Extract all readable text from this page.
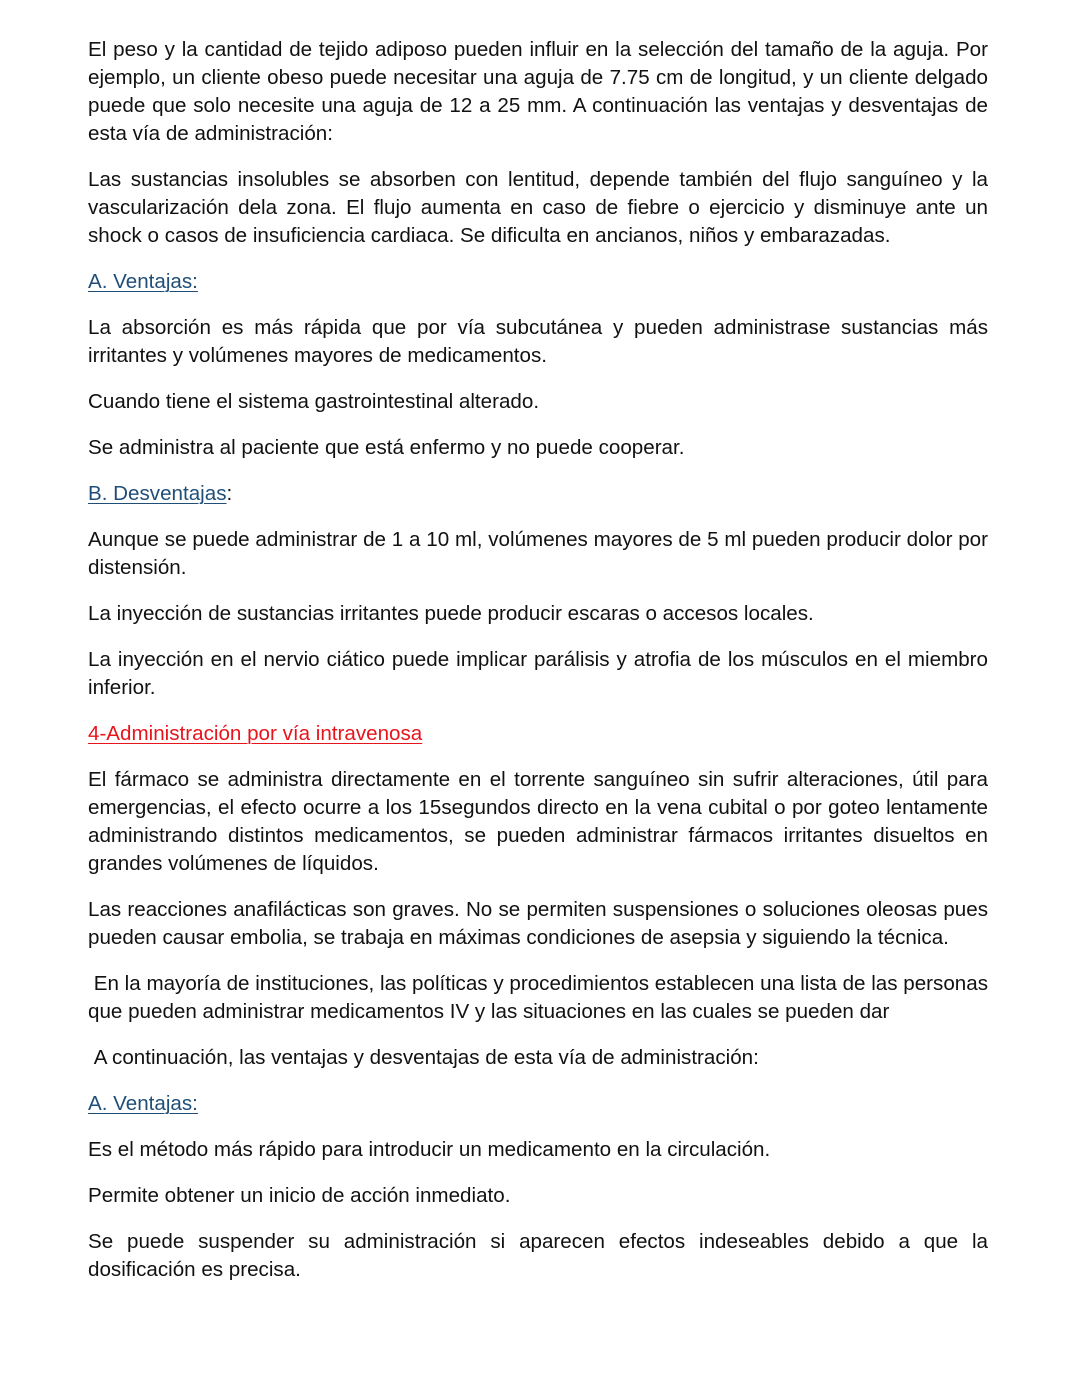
El peso y la cantidad de tejido adiposo pueden influir en la selección del tamaño de la aguja. Por ejemplo, un cliente obeso puede necesitar una aguja de 7.75 cm de longitud, y un cliente delgado puede que solo necesite una aguja de 12 a 25 mm. A continuación las ventajas y desventajas de esta vía de administración:

Las sustancias insolubles se absorben con lentitud, depende también del flujo sanguíneo y la vascularización dela zona. El flujo aumenta en caso de fiebre o ejercicio y disminuye ante un shock o casos de insuficiencia cardiaca. Se dificulta en ancianos, niños y embarazadas.

A. Ventajas:

La absorción es más rápida que por vía subcutánea y pueden administrase sustancias más irritantes y volúmenes mayores de medicamentos.

Cuando tiene el sistema gastrointestinal alterado.

Se administra al paciente que está enfermo y no puede cooperar.

B. Desventajas:

Aunque se puede administrar de 1 a 10 ml, volúmenes mayores de 5 ml pueden producir dolor por distensión.

La inyección de sustancias irritantes puede producir escaras o accesos locales.

La inyección en el nervio ciático puede implicar parálisis y atrofia de los músculos en el miembro inferior.

4-Administración por vía intravenosa

El fármaco se administra directamente en el torrente sanguíneo sin sufrir alteraciones, útil para emergencias, el efecto ocurre a los 15segundos directo en la vena cubital o por goteo lentamente administrando distintos medicamentos, se pueden administrar fármacos irritantes disueltos en grandes volúmenes de líquidos.

Las reacciones anafilácticas son graves. No se permiten suspensiones o soluciones oleosas pues pueden causar embolia, se trabaja en máximas condiciones de asepsia y siguiendo la técnica.

En la mayoría de instituciones, las políticas y procedimientos establecen una lista de las personas que pueden administrar medicamentos IV y las situaciones en las cuales se pueden dar

A continuación, las ventajas y desventajas de esta vía de administración:

A. Ventajas:

Es el método más rápido para introducir un medicamento en la circulación.

Permite obtener un inicio de acción inmediato.

Se puede suspender su administración si aparecen efectos indeseables debido a que la dosificación es precisa.
